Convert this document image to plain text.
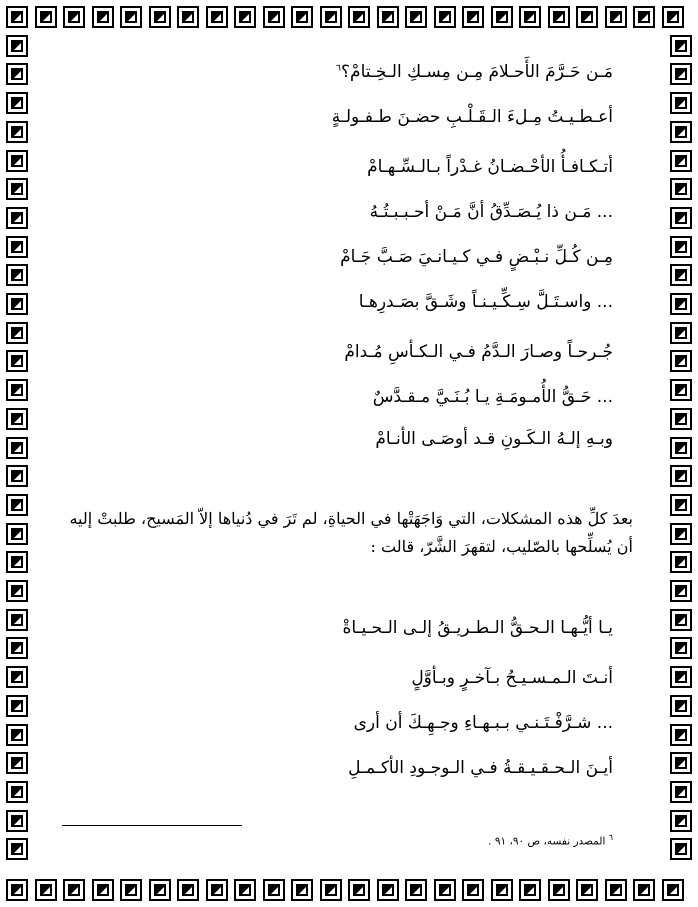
مَـن حَـرَّمَ الأَحـلامَ مِـن مِسـكِ الـخِـتامْ؟$^٦$
أعـطـيـتُ مِـلءَ الـقَـلْـبِ حضـنَ طـفـولـةٍ
أتـكـافـأُ الأحْـضـانُ غـدْراً بـالـسِّـهـامْ
... مَـن ذا يُـصَـدِّقُ أنَّ مَـنْ أحـبـبـتُـهُ
مِـن كُـلِّ نـبْـضٍ فـي كـيـانـيَ صَـبَّ جَـامْ
... واسـتَـلَّ سِـكِّـيـنـاً وشَـقَّ بصَـدرِهـا
جُـرحـاً وصـارَ الـدَّمُ فـي الـكـأسِ مُـدامْ
... حَـقُّ الأُمـومَـةِ يـا بُـنَـيَّ مـقـدَّسٌ
وبـهِ إلـهُ الـكَـونِ قـد أوصَـى الأنـامْ
بعدَ كلِّ هذه المشكلات، التي وَاجَهَتْها في الحياةِ، لم تَرَ في دُنياها إلاّ المَسيح، طلبتْ إليه أن يُسلِّحها بالصّليب، لتقهرَ الشَّرّ، قالت :
يـا أيُّـهـا الـحـقُّ الـطـريـقُ إلـى الـحـيـاةْ
أنـتَ الـمـسـيـحُ بـآخـرٍ وبـأوَّلٍ
... شـرَّفْـتَـنـي بـبـهـاءِ وجـهِـكَ أن أرى
أيـنَ الـحـقـيـقـةُ فـي الـوجـودِ الأكـمـلِ
$^٦$ المصدر نفسه، ص ٩٠، ٩١ .
